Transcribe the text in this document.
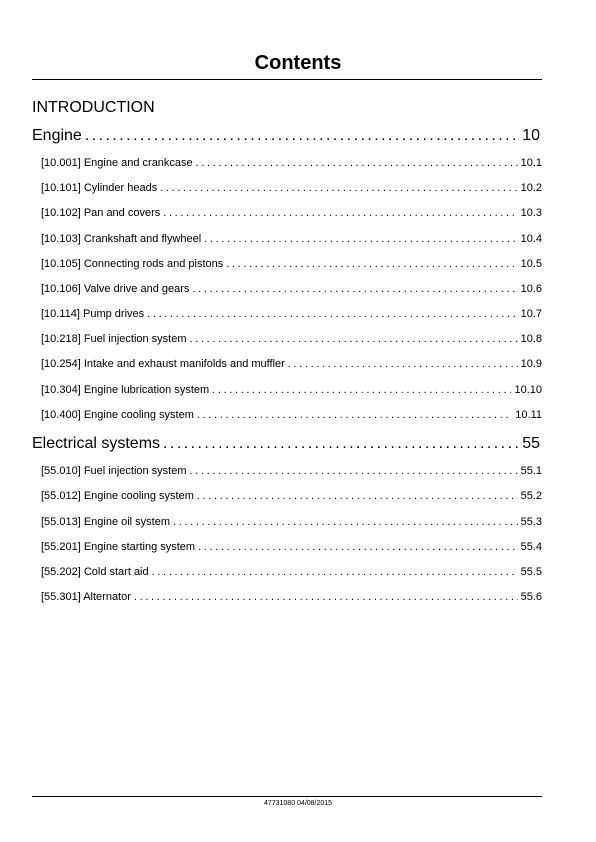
Contents
INTRODUCTION
Engine . . .	10
[10.001] Engine and crankcase . . .	10.1
[10.101] Cylinder heads . . .	10.2
[10.102] Pan and covers . . .	10.3
[10.103] Crankshaft and flywheel . . .	10.4
[10.105] Connecting rods and pistons . . .	10.5
[10.106] Valve drive and gears . . .	10.6
[10.114] Pump drives . . .	10.7
[10.218] Fuel injection system . . .	10.8
[10.254] Intake and exhaust manifolds and muffler . . .	10.9
[10.304] Engine lubrication system . . .	10.10
[10.400] Engine cooling system . . .	10.11
Electrical systems . . .	55
[55.010] Fuel injection system . . .	55.1
[55.012] Engine cooling system . . .	55.2
[55.013] Engine oil system . . .	55.3
[55.201] Engine starting system . . .	55.4
[55.202] Cold start aid . . .	55.5
[55.301] Alternator . . .	55.6
47731080 04/08/2015
